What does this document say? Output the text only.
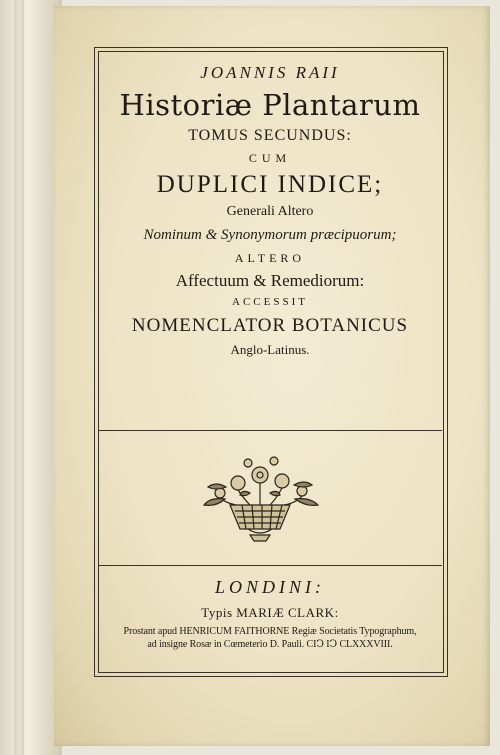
JOANNIS RAII
Historiæ Plantarum
TOMUS SECUNDUS:
CUM
DUPLICI INDICE;
Generali Altero
Nominum & Synonymorum præcipuorum;
ALTERO
Affectuum & Remediorum:
ACCESSIT
NOMENCLATOR BOTANICUS
Anglo-Latinus.
LONDINI:
Typis MARIÆ CLARK:
Prostant apud HENRICUM FAITHORNE Regiæ Societatis Typographum,
ad insigne Rosæ in Cœmeterio D. Pauli. CIↃ IↃ CLXXXVIII.
